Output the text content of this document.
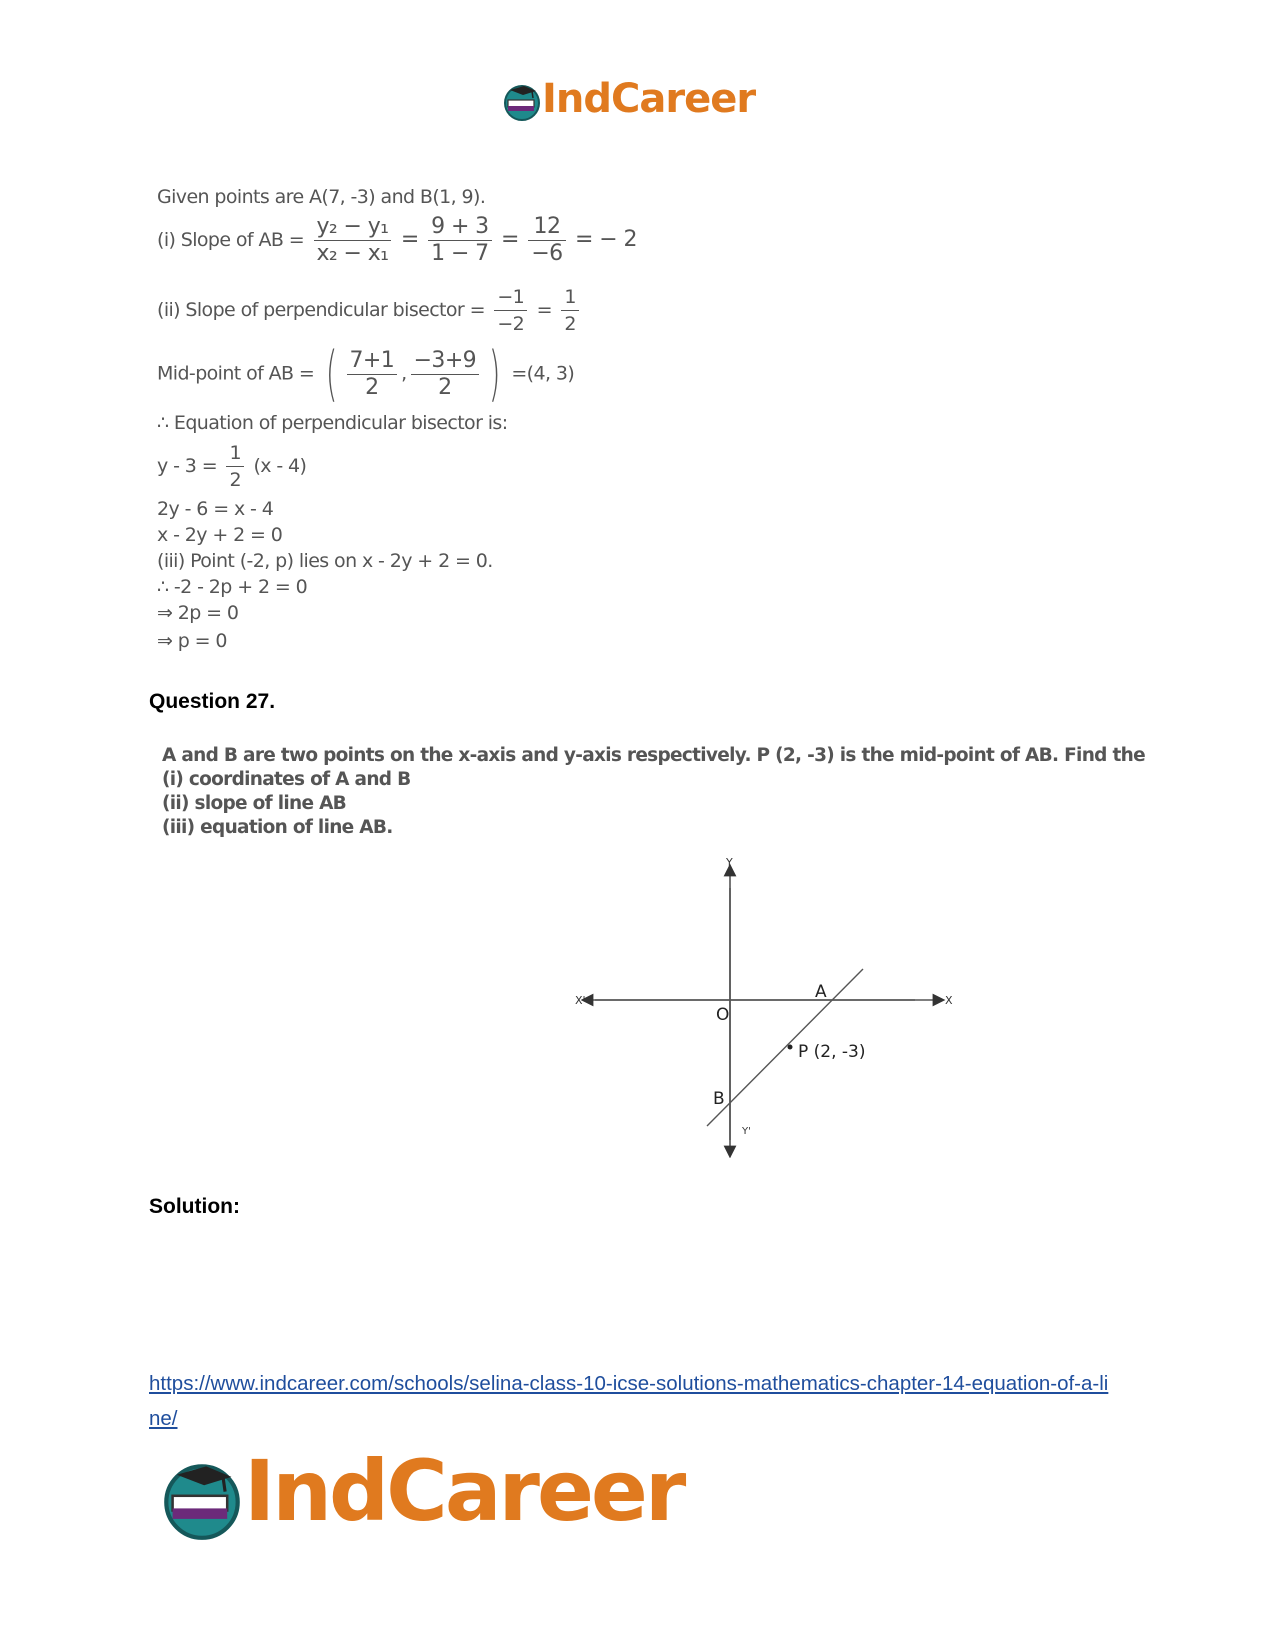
IndCareer
Given points are A(7, -3) and B(1, 9).
(i) Slope of AB = $\frac{\text{y₂ − y₁}}{\text{x₂ − x₁}} = \frac{9 + 3}{1 - 7} = \frac{12}{-6}$ = − 2
(ii) Slope of perpendicular bisector = $\frac{-1}{-2} = \frac{1}{2}$
Mid-point of AB = ( $\frac{7+1}{2}$ , $\frac{-3+9}{2}$ ) =(4, 3)
∴ Equation of perpendicular bisector is:
$y - 3 = \frac{1}{2} (x - 4)$
2y - 6 = x - 4
x - 2y + 2 = 0
(iii) Point (-2, p) lies on x - 2y + 2 = 0.
∴ -2 - 2p + 2 = 0
⇒ 2p = 0
⇒ p = 0
Question 27.
A and B are two points on the x-axis and y-axis respectively. P (2, -3) is the mid-point of AB. Find the
(i) coordinates of A and B
(ii) slope of line AB
(iii) equation of line AB.
Y
Y'
X
X'
O
A
B
P (2, -3)
Solution:
https://www.indcareer.com/schools/selina-class-10-icse-solutions-mathematics-chapter-14-equation-of-a-line/
IndCareer
